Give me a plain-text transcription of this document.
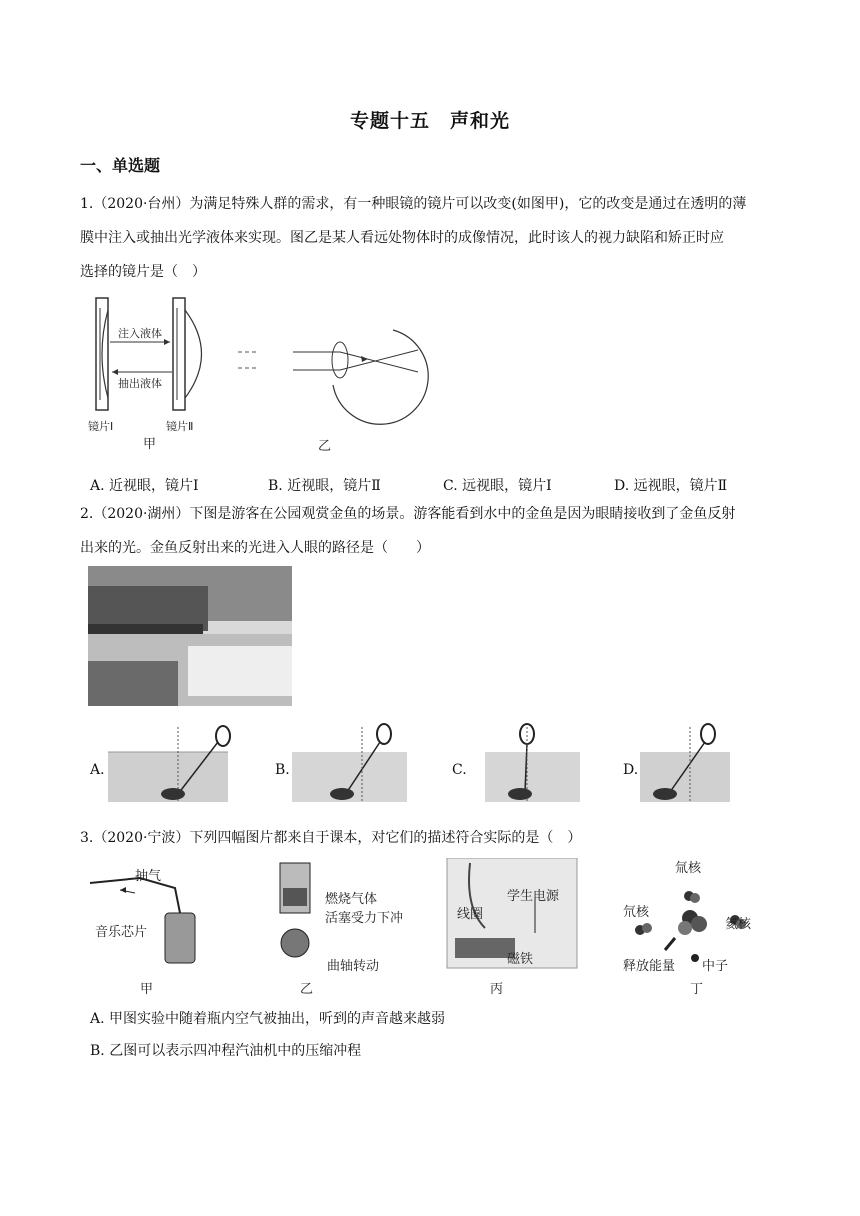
专题十五　声和光
一、单选题
1.（2020·台州）为满足特殊人群的需求，有一种眼镜的镜片可以改变(如图甲)，它的改变是通过在透明的薄
膜中注入或抽出光学液体来实现。图乙是某人看远处物体时的成像情况，此时该人的视力缺陷和矫正时应
选择的镜片是（　）
注入液体
抽出液体
镜片Ⅰ	镜片Ⅱ
甲	乙
A. 近视眼，镜片Ⅰ	B. 近视眼，镜片Ⅱ	C. 远视眼，镜片Ⅰ	D. 远视眼，镜片Ⅱ
2.（2020·湖州）下图是游客在公园观赏金鱼的场景。游客能看到水中的金鱼是因为眼睛接收到了金鱼反射
出来的光。金鱼反射出来的光进入人眼的路径是（　　）
A.	B.	C.	D.
3.（2020·宁波）下列四幅图片都来自于课本，对它们的描述符合实际的是（　）
抽气
音乐芯片
甲
燃烧气体
活塞受力下冲
曲轴转动
乙
学生电源
线圈
磁铁
丙
氚核
氘核
氦核
释放能量 中子
丁
A. 甲图实验中随着瓶内空气被抽出，听到的声音越来越弱
B. 乙图可以表示四冲程汽油机中的压缩冲程
